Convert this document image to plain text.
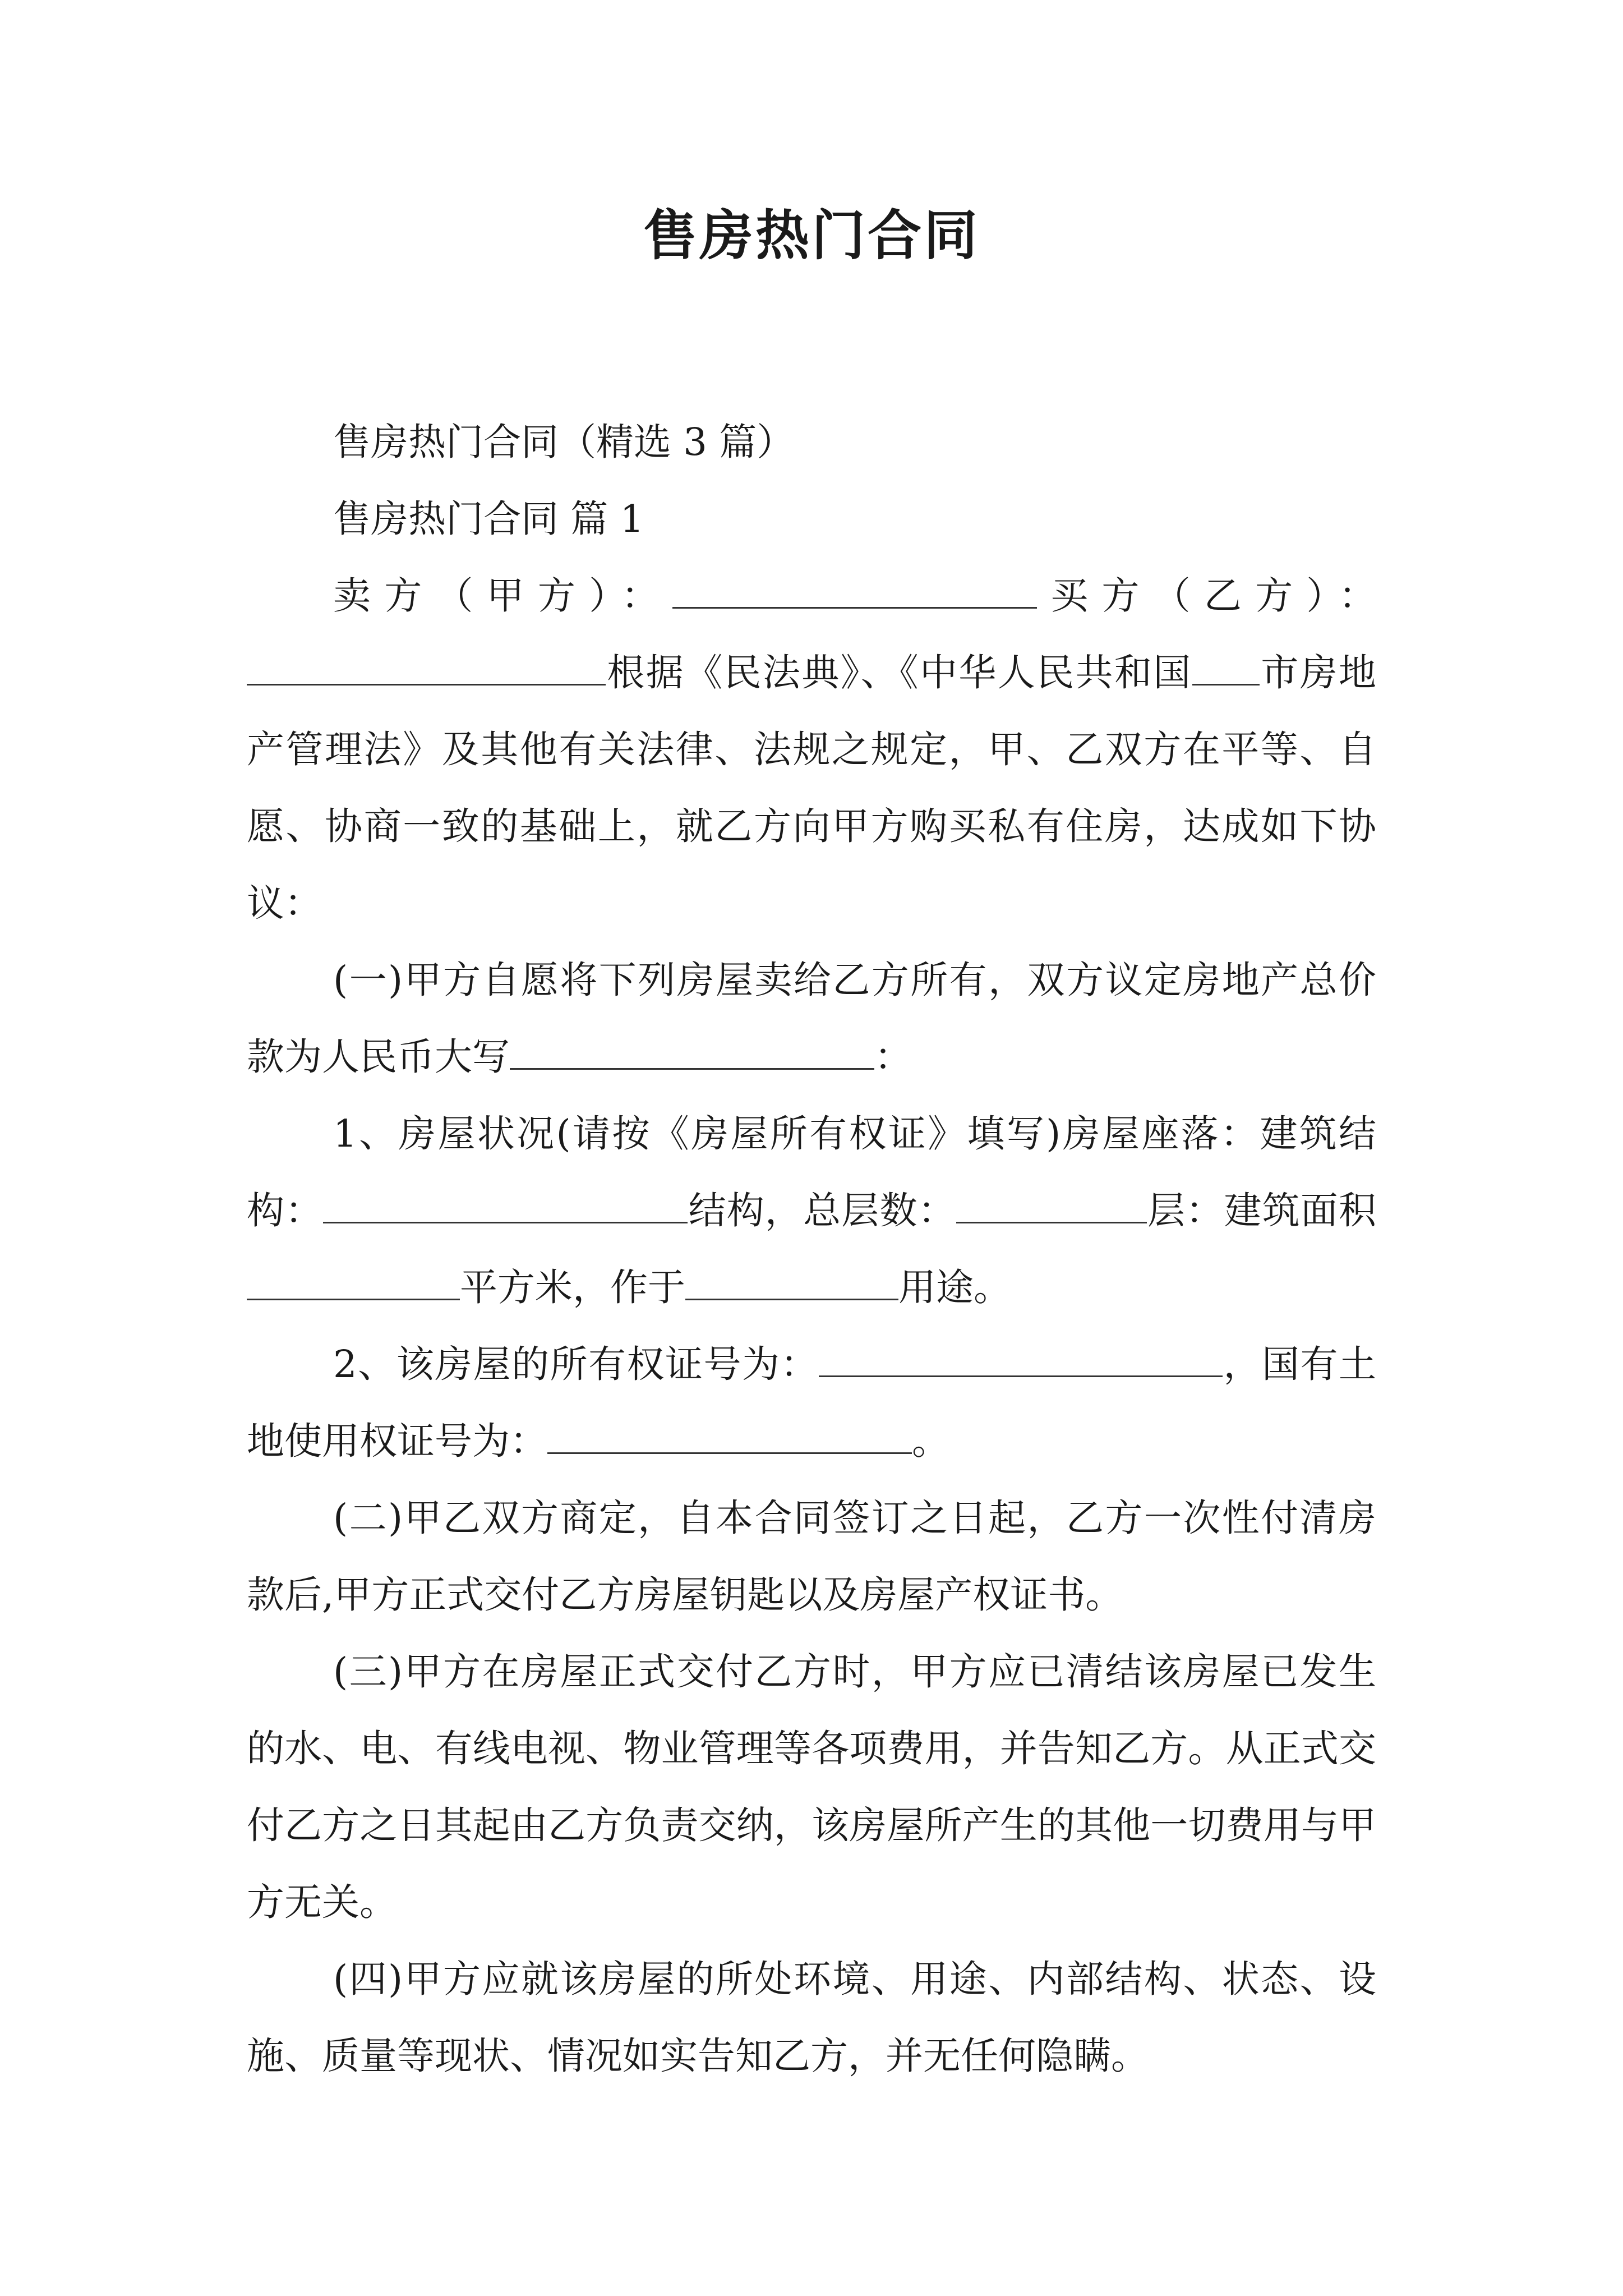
售房热门合同

售房热门合同（精选 3 篇）

售房热门合同 篇 1

卖方（甲方）：	买方（乙方）：根据《民法典》、《中华人民共和国 市房地产管理法》及其他有关法律、法规之规定，甲、乙双方在平等、自愿、协商一致的基础上，就乙方向甲方购买私有住房，达成如下协议：

(一)甲方自愿将下列房屋卖给乙方所有，双方议定房地产总价款为人民币大写	：

1、房屋状况(请按《房屋所有权证》填写)房屋座落：建筑结构：	结构，总层数：	层：建筑面积平方米，作于	用途。

2、该房屋的所有权证号为：	，国有土地使用权证号为：	。

(二)甲乙双方商定，自本合同签订之日起，乙方一次性付清房款后,甲方正式交付乙方房屋钥匙以及房屋产权证书。

(三)甲方在房屋正式交付乙方时，甲方应已清结该房屋已发生的水、电、有线电视、物业管理等各项费用，并告知乙方。从正式交付乙方之日其起由乙方负责交纳，该房屋所产生的其他一切费用与甲方无关。

(四)甲方应就该房屋的所处环境、用途、内部结构、状态、设施、质量等现状、情况如实告知乙方，并无任何隐瞒。
